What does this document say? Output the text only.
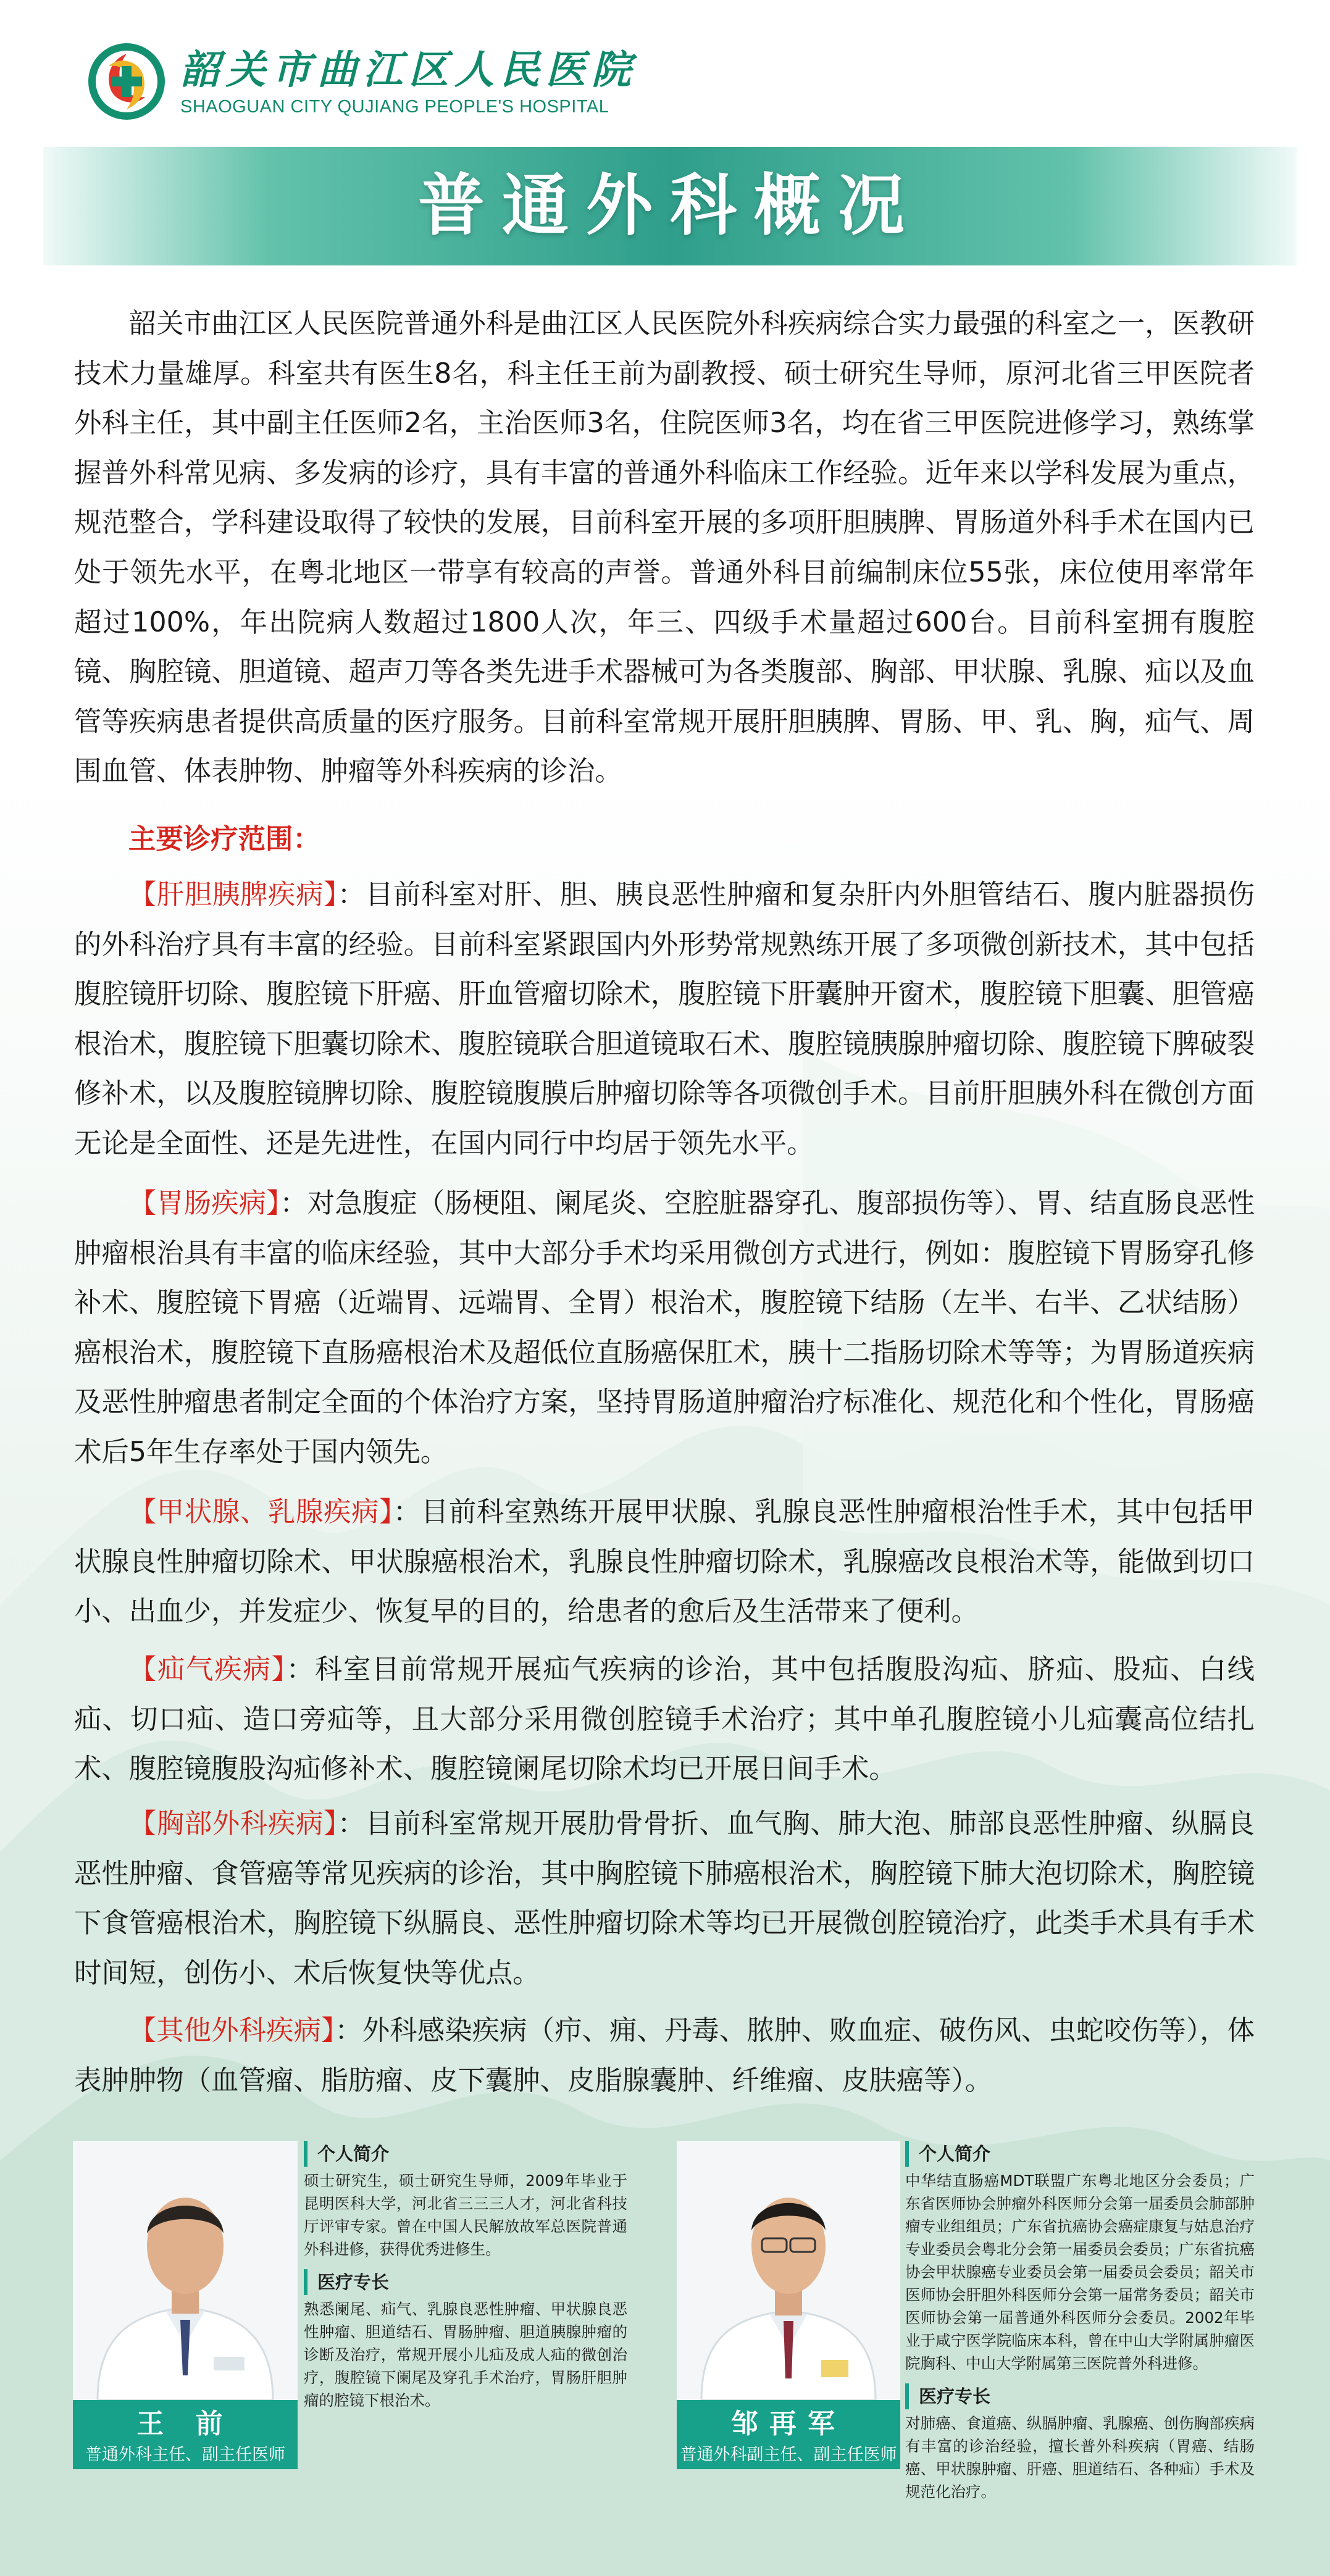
韶关市曲江区人民医院
SHAOGUAN CITY QUJIANG PEOPLE'S HOSPITAL
普通外科概况
韶关市曲江区人民医院普通外科是曲江区人民医院外科疾病综合实力最强的科室之一，医教研技术力量雄厚。科室共有医生8名，科主任王前为副教授、硕士研究生导师，原河北省三甲医院者外科主任，其中副主任医师2名，主治医师3名，住院医师3名，均在省三甲医院进修学习，熟练掌握普外科常见病、多发病的诊疗，具有丰富的普通外科临床工作经验。近年来以学科发展为重点，规范整合，学科建设取得了较快的发展，目前科室开展的多项肝胆胰脾、胃肠道外科手术在国内已处于领先水平，在粤北地区一带享有较高的声誉。普通外科目前编制床位55张，床位使用率常年超过100%，年出院病人数超过1800人次，年三、四级手术量超过600台。目前科室拥有腹腔镜、胸腔镜、胆道镜、超声刀等各类先进手术器械可为各类腹部、胸部、甲状腺、乳腺、疝以及血管等疾病患者提供高质量的医疗服务。目前科室常规开展肝胆胰脾、胃肠、甲、乳、胸，疝气、周围血管、体表肿物、肿瘤等外科疾病的诊治。
主要诊疗范围：
【肝胆胰脾疾病】：目前科室对肝、胆、胰良恶性肿瘤和复杂肝内外胆管结石、腹内脏器损伤的外科治疗具有丰富的经验。目前科室紧跟国内外形势常规熟练开展了多项微创新技术，其中包括腹腔镜肝切除、腹腔镜下肝癌、肝血管瘤切除术，腹腔镜下肝囊肿开窗术，腹腔镜下胆囊、胆管癌根治术，腹腔镜下胆囊切除术、腹腔镜联合胆道镜取石术、腹腔镜胰腺肿瘤切除、腹腔镜下脾破裂修补术，以及腹腔镜脾切除、腹腔镜腹膜后肿瘤切除等各项微创手术。目前肝胆胰外科在微创方面无论是全面性、还是先进性，在国内同行中均居于领先水平。
【胃肠疾病】：对急腹症（肠梗阻、阑尾炎、空腔脏器穿孔、腹部损伤等）、胃、结直肠良恶性肿瘤根治具有丰富的临床经验，其中大部分手术均采用微创方式进行，例如：腹腔镜下胃肠穿孔修补术、腹腔镜下胃癌（近端胃、远端胃、全胃）根治术，腹腔镜下结肠（左半、右半、乙状结肠）癌根治术，腹腔镜下直肠癌根治术及超低位直肠癌保肛术，胰十二指肠切除术等等；为胃肠道疾病及恶性肿瘤患者制定全面的个体治疗方案，坚持胃肠道肿瘤治疗标准化、规范化和个性化，胃肠癌术后5年生存率处于国内领先。
【甲状腺、乳腺疾病】：目前科室熟练开展甲状腺、乳腺良恶性肿瘤根治性手术，其中包括甲状腺良性肿瘤切除术、甲状腺癌根治术，乳腺良性肿瘤切除术，乳腺癌改良根治术等，能做到切口小、出血少，并发症少、恢复早的目的，给患者的愈后及生活带来了便利。
【疝气疾病】：科室目前常规开展疝气疾病的诊治，其中包括腹股沟疝、脐疝、股疝、白线疝、切口疝、造口旁疝等，且大部分采用微创腔镜手术治疗；其中单孔腹腔镜小儿疝囊高位结扎术、腹腔镜腹股沟疝修补术、腹腔镜阑尾切除术均已开展日间手术。
【胸部外科疾病】：目前科室常规开展肋骨骨折、血气胸、肺大泡、肺部良恶性肿瘤、纵膈良恶性肿瘤、食管癌等常见疾病的诊治，其中胸腔镜下肺癌根治术，胸腔镜下肺大泡切除术，胸腔镜下食管癌根治术，胸腔镜下纵膈良、恶性肿瘤切除术等均已开展微创腔镜治疗，此类手术具有手术时间短，创伤小、术后恢复快等优点。
【其他外科疾病】：外科感染疾病（疖、痈、丹毒、脓肿、败血症、破伤风、虫蛇咬伤等），体表肿肿物（血管瘤、脂肪瘤、皮下囊肿、皮脂腺囊肿、纤维瘤、皮肤癌等）。
王 前
普通外科主任、副主任医师
个人简介
硕士研究生，硕士研究生导师，2009年毕业于昆明医科大学，河北省三三三人才，河北省科技厅评审专家。曾在中国人民解放故军总医院普通外科进修，获得优秀进修生。
医疗专长
熟悉阑尾、疝气、乳腺良恶性肿瘤、甲状腺良恶性肿瘤、胆道结石、胃肠肿瘤、胆道胰腺肿瘤的诊断及治疗，常规开展小儿疝及成人疝的微创治疗，腹腔镜下阑尾及穿孔手术治疗，胃肠肝胆肿瘤的腔镜下根治术。
邹再军
普通外科副主任、副主任医师
个人简介
中华结直肠癌MDT联盟广东粤北地区分会委员；广东省医师协会肿瘤外科医师分会第一届委员会肺部肿瘤专业组组员；广东省抗癌协会癌症康复与姑息治疗专业委员会粤北分会第一届委员会委员；广东省抗癌协会甲状腺癌专业委员会第一届委员会委员；韶关市医师协会肝胆外科医师分会第一届常务委员；韶关市医师协会第一届普通外科医师分会委员。2002年毕业于咸宁医学院临床本科，曾在中山大学附属肿瘤医院胸科、中山大学附属第三医院普外科进修。
医疗专长
对肺癌、食道癌、纵膈肿瘤、乳腺癌、创伤胸部疾病有丰富的诊治经验，擅长普外科疾病（胃癌、结肠癌、甲状腺肿瘤、肝癌、胆道结石、各种疝）手术及规范化治疗。
